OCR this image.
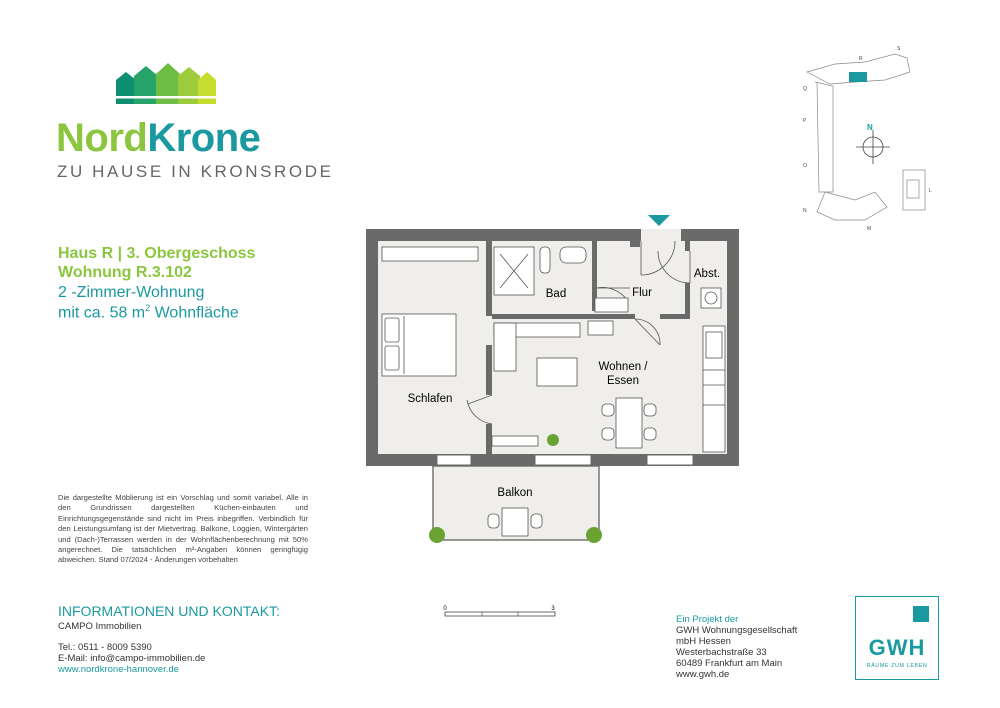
NordKrone
ZU HAUSE IN KRONSRODE
Haus R | 3. Obergeschoss
Wohnung R.3.102
2 -Zimmer-Wohnung
mit ca. 58 $m^2$ Wohnfläche
Die dargestellte Möblierung ist ein Vorschlag und somit variabel. Alle in den Grundrissen dargestellten Küchen-einbauten und Einrichtungsgegenstände sind nicht im Preis inbegriffen. Verbindlich für den Leistungsumfang ist der Mietvertrag. Balkone, Loggien, Wintergärten und (Dach-)Terrassen werden in der Wohnflächenberechnung mit 50% angerechnet. Die tatsächlichen m²-Angaben können geringfügig abweichen. Stand 07/2024 - Änderungen vorbehalten
INFORMATIONEN UND KONTAKT:
CAMPO Immobilien
Tel.: 0511 - 8009 5390
E-Mail: info@campo-immobilien.de
www.nordkrone-hannover.de
Ein Projekt der
GWH Wohnungsgesellschaft
mbH Hessen
Westerbachstraße 33
60489 Frankfurt am Main
www.gwh.de
GWH
RÄUME ZUM LEBEN
Bad	Flur
Abst.
Wohnen /
Essen
Schlafen
Balkon
0	3
N
R
S
Q
P
O
N
M
L
